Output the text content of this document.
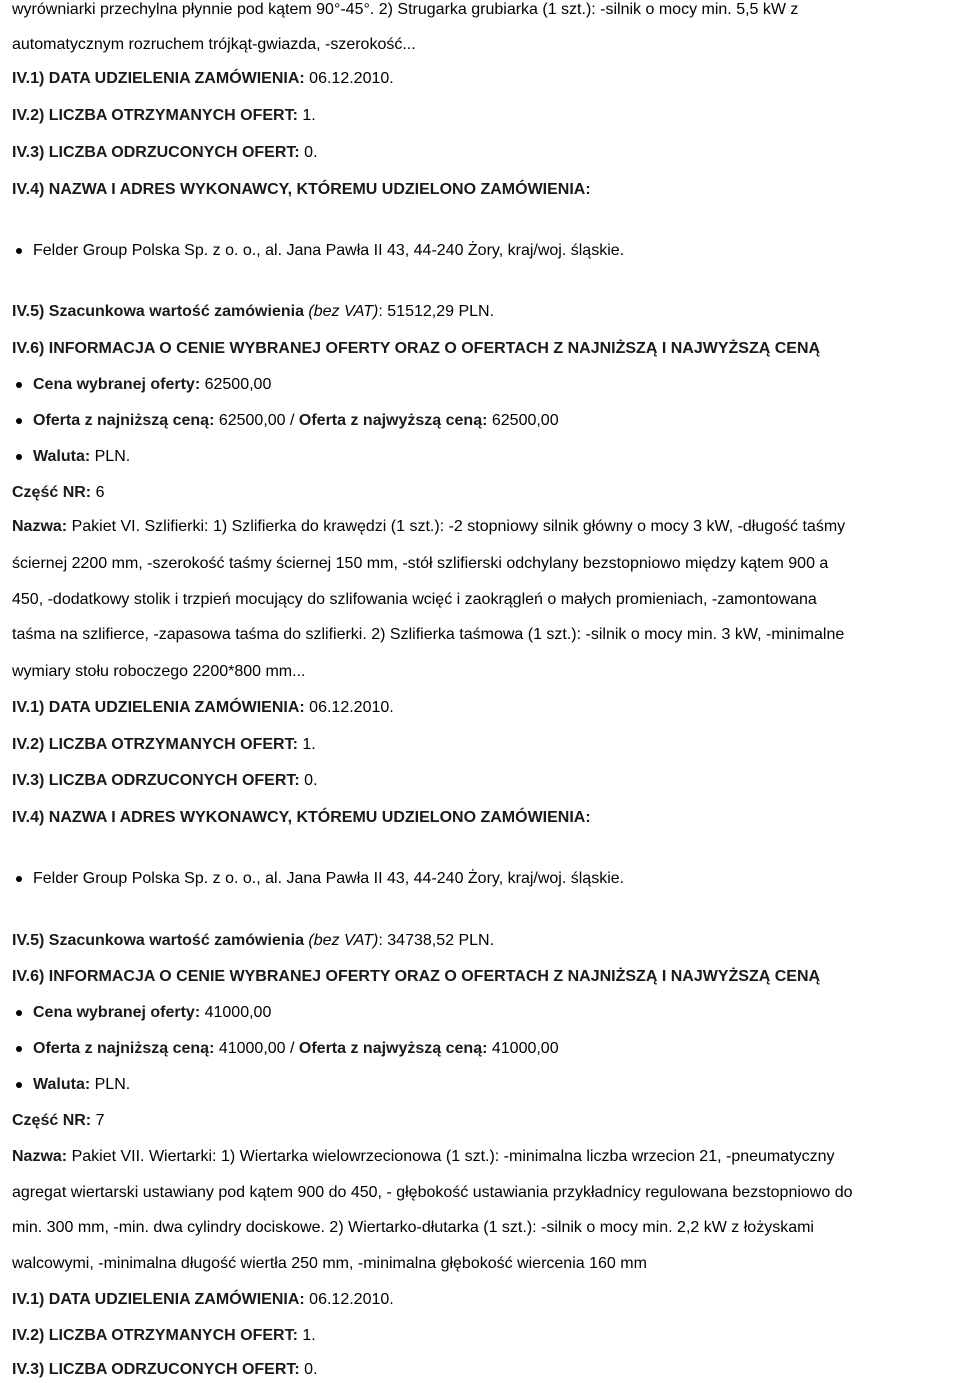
wyrówniarki przechylna płynnie pod kątem 90°-45°. 2) Strugarka grubiarka (1 szt.): -silnik o mocy min. 5,5 kW z
automatycznym rozruchem trójkąt-gwiazda, -szerokość...
IV.1) DATA UDZIELENIA ZAMÓWIENIA: 06.12.2010.
IV.2) LICZBA OTRZYMANYCH OFERT: 1.
IV.3) LICZBA ODRZUCONYCH OFERT: 0.
IV.4) NAZWA I ADRES WYKONAWCY, KTÓREMU UDZIELONO ZAMÓWIENIA:
Felder Group Polska Sp. z o. o., al. Jana Pawła II 43, 44-240 Żory, kraj/woj. śląskie.
IV.5) Szacunkowa wartość zamówienia (bez VAT): 51512,29 PLN.
IV.6) INFORMACJA O CENIE WYBRANEJ OFERTY ORAZ O OFERTACH Z NAJNIŻSZĄ I NAJWYŻSZĄ CENĄ
Cena wybranej oferty: 62500,00
Oferta z najniższą ceną: 62500,00 / Oferta z najwyższą ceną: 62500,00
Waluta: PLN.
Część NR: 6
Nazwa: Pakiet VI. Szlifierki: 1) Szlifierka do krawędzi (1 szt.): -2 stopniowy silnik główny o mocy 3 kW, -długość taśmy
ściernej 2200 mm, -szerokość taśmy ściernej 150 mm, -stół szlifierski odchylany bezstopniowo między kątem 900 a
450, -dodatkowy stolik i trzpień mocujący do szlifowania wcięć i zaokrągleń o małych promieniach, -zamontowana
taśma na szlifierce, -zapasowa taśma do szlifierki. 2) Szlifierka taśmowa (1 szt.): -silnik o mocy min. 3 kW, -minimalne
wymiary stołu roboczego 2200*800 mm...
IV.1) DATA UDZIELENIA ZAMÓWIENIA: 06.12.2010.
IV.2) LICZBA OTRZYMANYCH OFERT: 1.
IV.3) LICZBA ODRZUCONYCH OFERT: 0.
IV.4) NAZWA I ADRES WYKONAWCY, KTÓREMU UDZIELONO ZAMÓWIENIA:
Felder Group Polska Sp. z o. o., al. Jana Pawła II 43, 44-240 Żory, kraj/woj. śląskie.
IV.5) Szacunkowa wartość zamówienia (bez VAT): 34738,52 PLN.
IV.6) INFORMACJA O CENIE WYBRANEJ OFERTY ORAZ O OFERTACH Z NAJNIŻSZĄ I NAJWYŻSZĄ CENĄ
Cena wybranej oferty: 41000,00
Oferta z najniższą ceną: 41000,00 / Oferta z najwyższą ceną: 41000,00
Waluta: PLN.
Część NR: 7
Nazwa: Pakiet VII. Wiertarki: 1) Wiertarka wielowrzecionowa (1 szt.): -minimalna liczba wrzecion 21, -pneumatyczny
agregat wiertarski ustawiany pod kątem 900 do 450, - głębokość ustawiania przykładnicy regulowana bezstopniowo do
min. 300 mm, -min. dwa cylindry dociskowe. 2) Wiertarko-dłutarka (1 szt.): -silnik o mocy min. 2,2 kW z łożyskami
walcowymi, -minimalna długość wiertła 250 mm, -minimalna głębokość wiercenia 160 mm
IV.1) DATA UDZIELENIA ZAMÓWIENIA: 06.12.2010.
IV.2) LICZBA OTRZYMANYCH OFERT: 1.
IV.3) LICZBA ODRZUCONYCH OFERT: 0.
